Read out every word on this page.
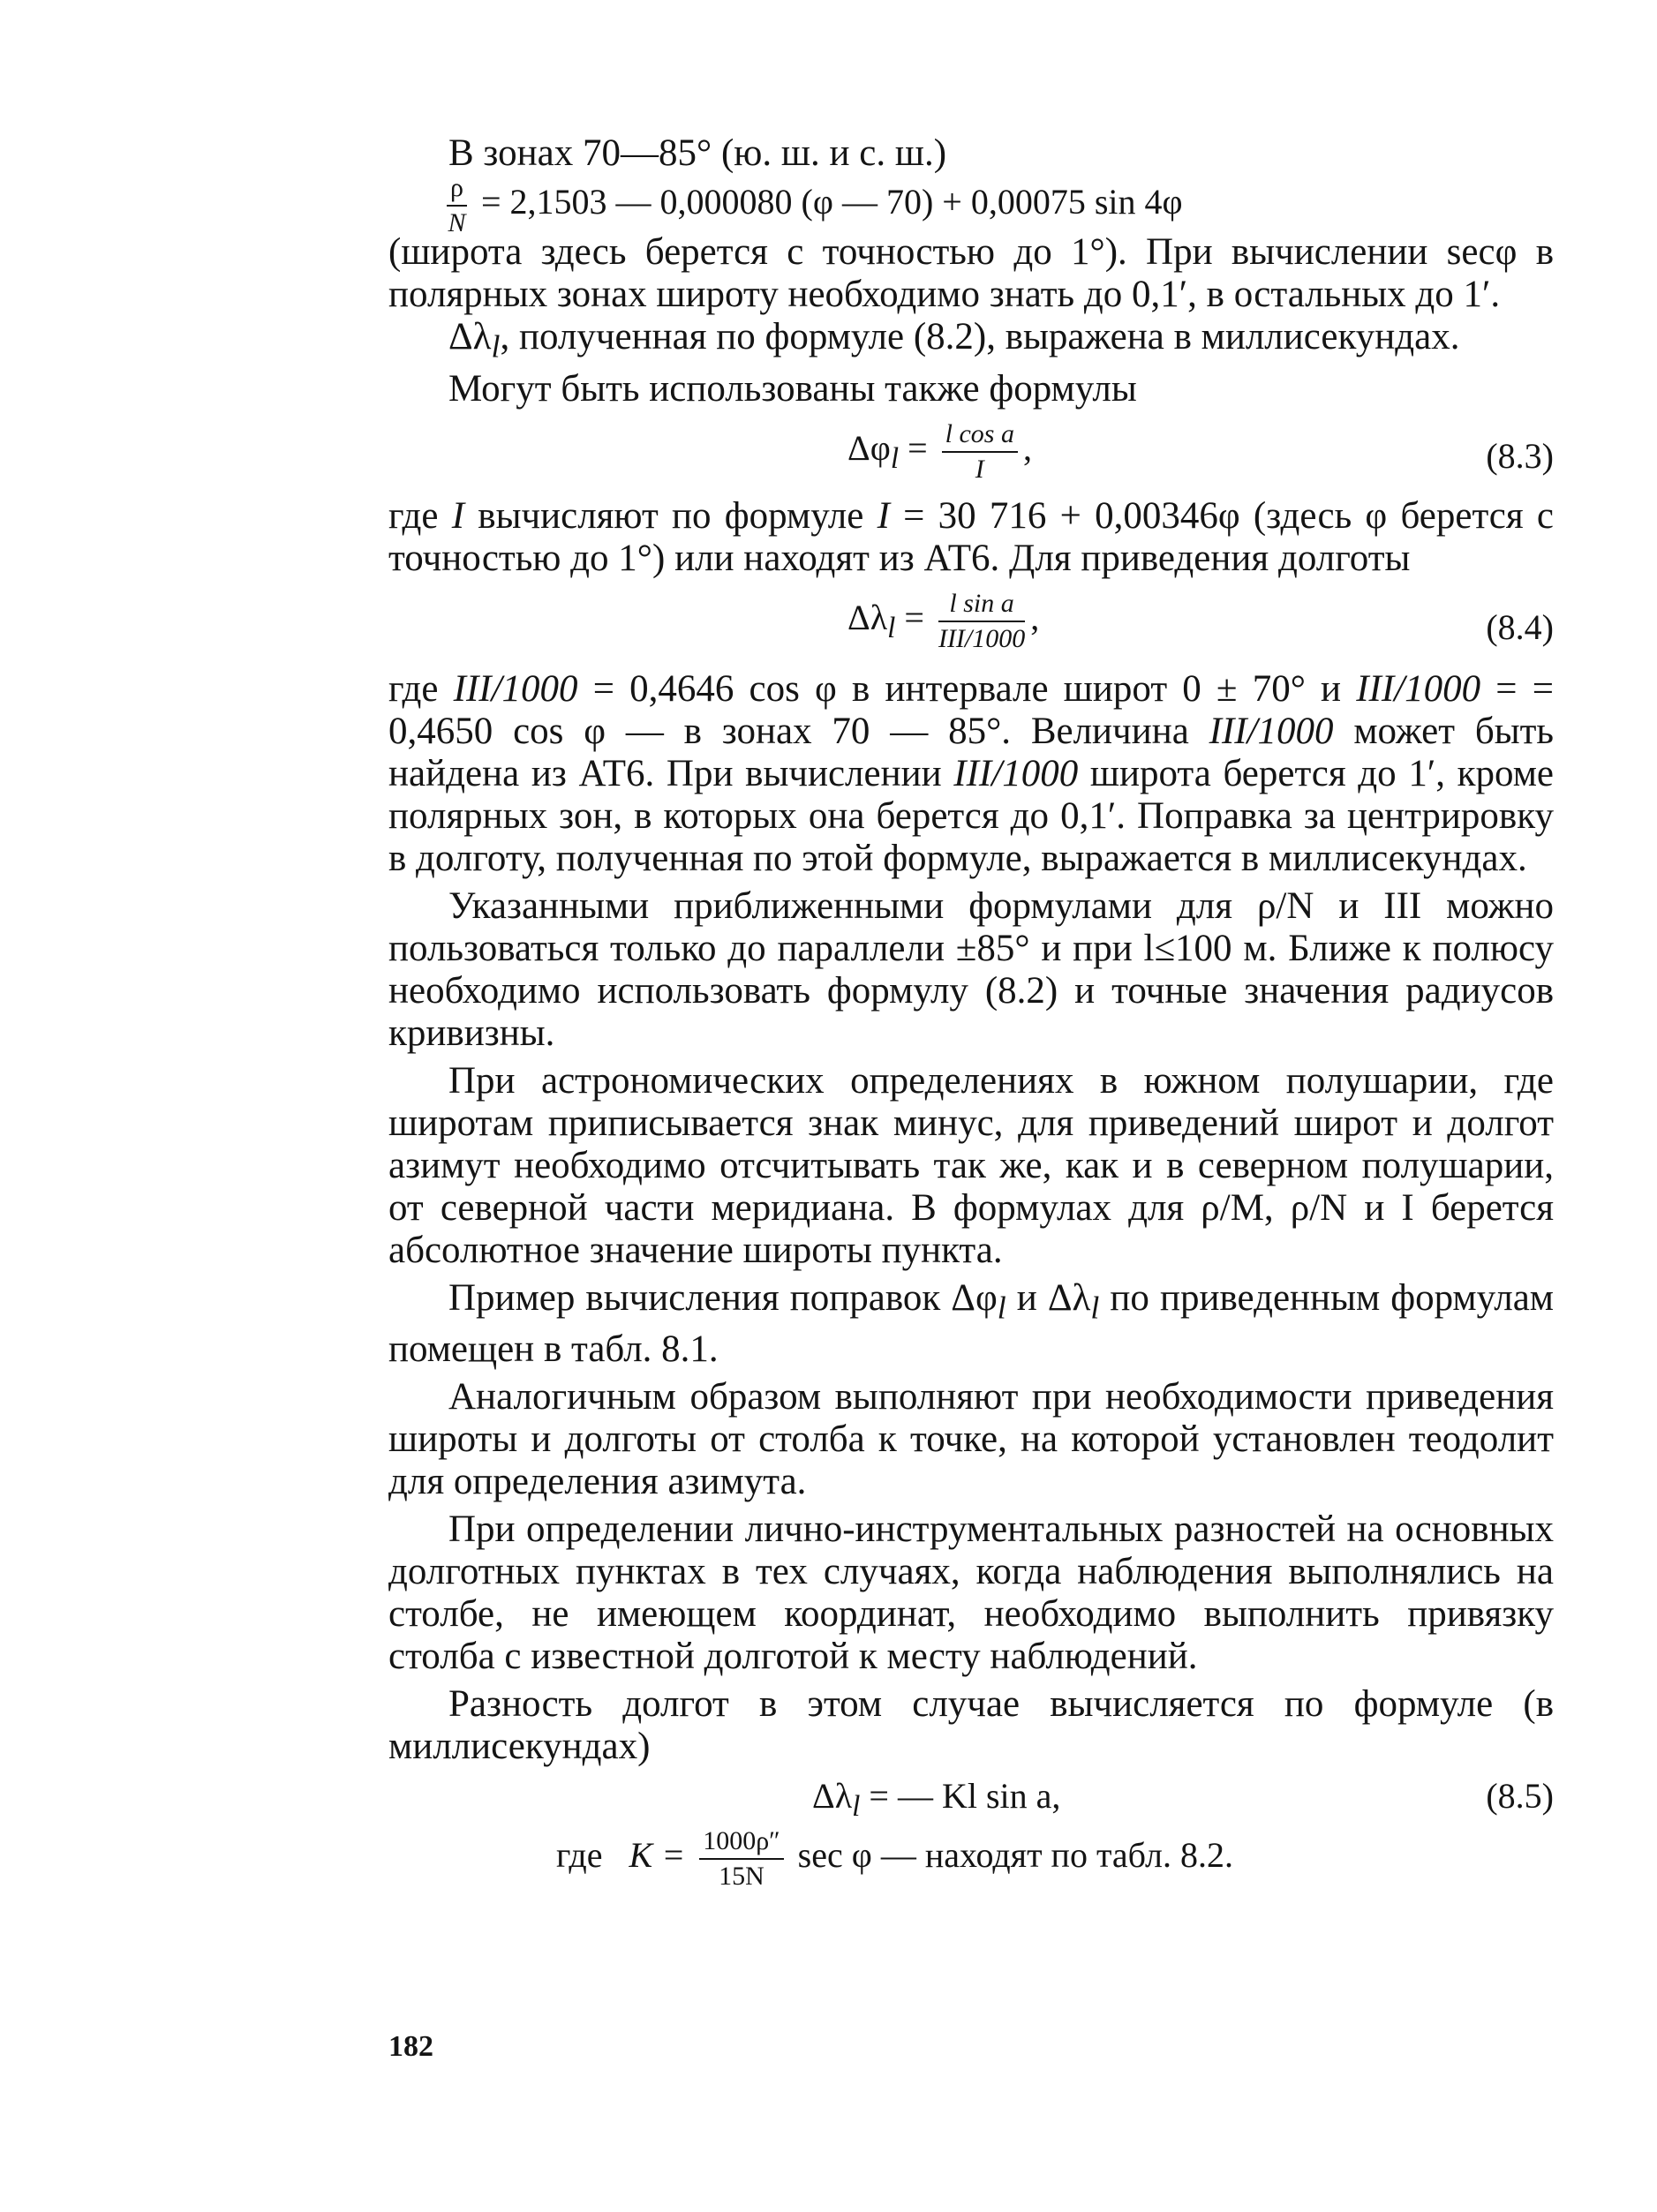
В зонах 70—85° (ю. ш. и с. ш.)

$\frac{\rho}{N} = 2,1503$ — 0,000080 (φ — 70) + 0,00075 sin 4φ

(широта здесь берется с точностью до 1°). При вычислении secφ в полярных зонах широту необходимо знать до 0,1′, в остальных до 1′.

$\Delta\lambda_l$, полученная по формуле (8.2), выражена в миллисекундах.

Могут быть использованы также формулы

$\Delta\varphi_l = \frac{\text{l cos a}}{I}$ ,	(8.3)

где I вычисляют по формуле I = 30 716 + 0,00346φ (здесь φ берется с точностью до 1°) или находят из АТ6. Для приведения долготы

$\Delta\lambda_l = \frac{\text{l sin a}}{\text{III/1000}}$ ,	(8.4)

где III/1000 = 0,4646 cos φ в интервале широт 0 ± 70° и III/1000 = = 0,4650 cos φ — в зонах 70 — 85°. Величина III/1000 может быть найдена из АТ6. При вычислении III/1000 широта берется до 1′, кроме полярных зон, в которых она берется до 0,1′. Поправка за центрировку в долготу, полученная по этой формуле, выражается в миллисекундах.

Указанными приближенными формулами для ρ/N и III можно пользоваться только до параллели ±85° и при l≤100 м. Ближе к полюсу необходимо использовать формулу (8.2) и точные значения радиусов кривизны.

При астрономических определениях в южном полушарии, где широтам приписывается знак минус, для приведений широт и долгот азимут необходимо отсчитывать так же, как и в северном полушарии, от северной части меридиана. В формулах для ρ/M, ρ/N и I берется абсолютное значение широты пункта.

Пример вычисления поправок $\Delta\varphi_l$ и $\Delta\lambda_l$ по приведенным формулам помещен в табл. 8.1.

Аналогичным образом выполняют при необходимости приведения широты и долготы от столба к точке, на которой установлен теодолит для определения азимута.

При определении лично-инструментальных разностей на основных долготных пунктах в тех случаях, когда наблюдения выполнялись на столбе, не имеющем координат, необходимо выполнить привязку столба с известной долготой к месту наблюдений.

Разность долгот в этом случае вычисляется по формуле (в миллисекундах)

$\Delta\lambda_l$ = — Kl sin a,	(8.5)
где $K = \frac{1000\rho''}{15N}$ sec φ — находят по табл. 8.2.
182
